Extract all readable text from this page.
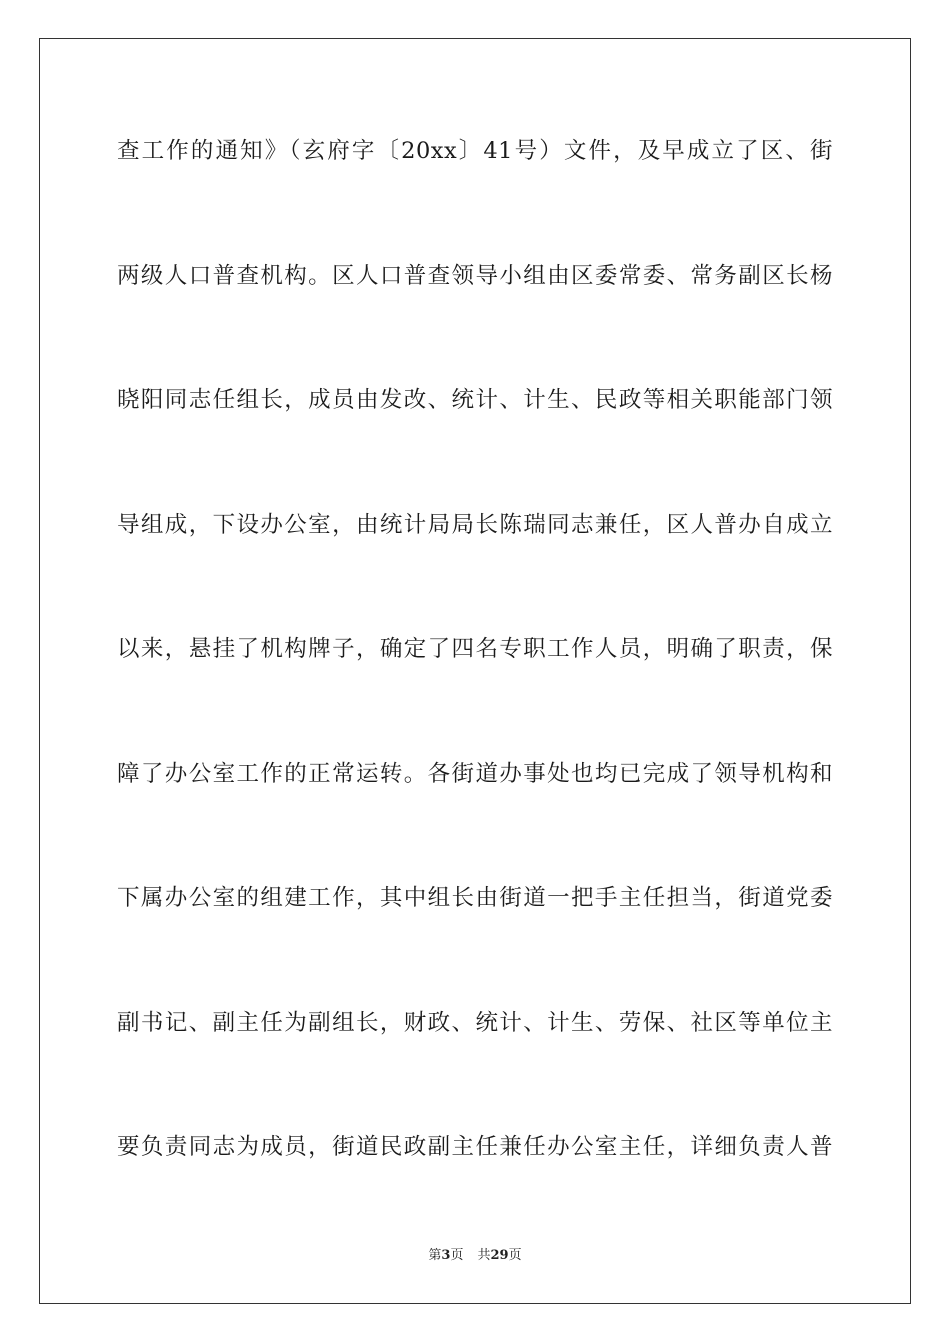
查工作的通知》（玄府字〔20xx〕41号）文件，及早成立了区、街
两级人口普查机构。区人口普查领导小组由区委常委、常务副区长杨
晓阳同志任组长，成员由发改、统计、计生、民政等相关职能部门领
导组成，下设办公室，由统计局局长陈瑞同志兼任，区人普办自成立
以来，悬挂了机构牌子，确定了四名专职工作人员，明确了职责，保
障了办公室工作的正常运转。各街道办事处也均已完成了领导机构和
下属办公室的组建工作，其中组长由街道一把手主任担当，街道党委
副书记、副主任为副组长，财政、统计、计生、劳保、社区等单位主
要负责同志为成员，街道民政副主任兼任办公室主任，详细负责人普
第3页 共29页
